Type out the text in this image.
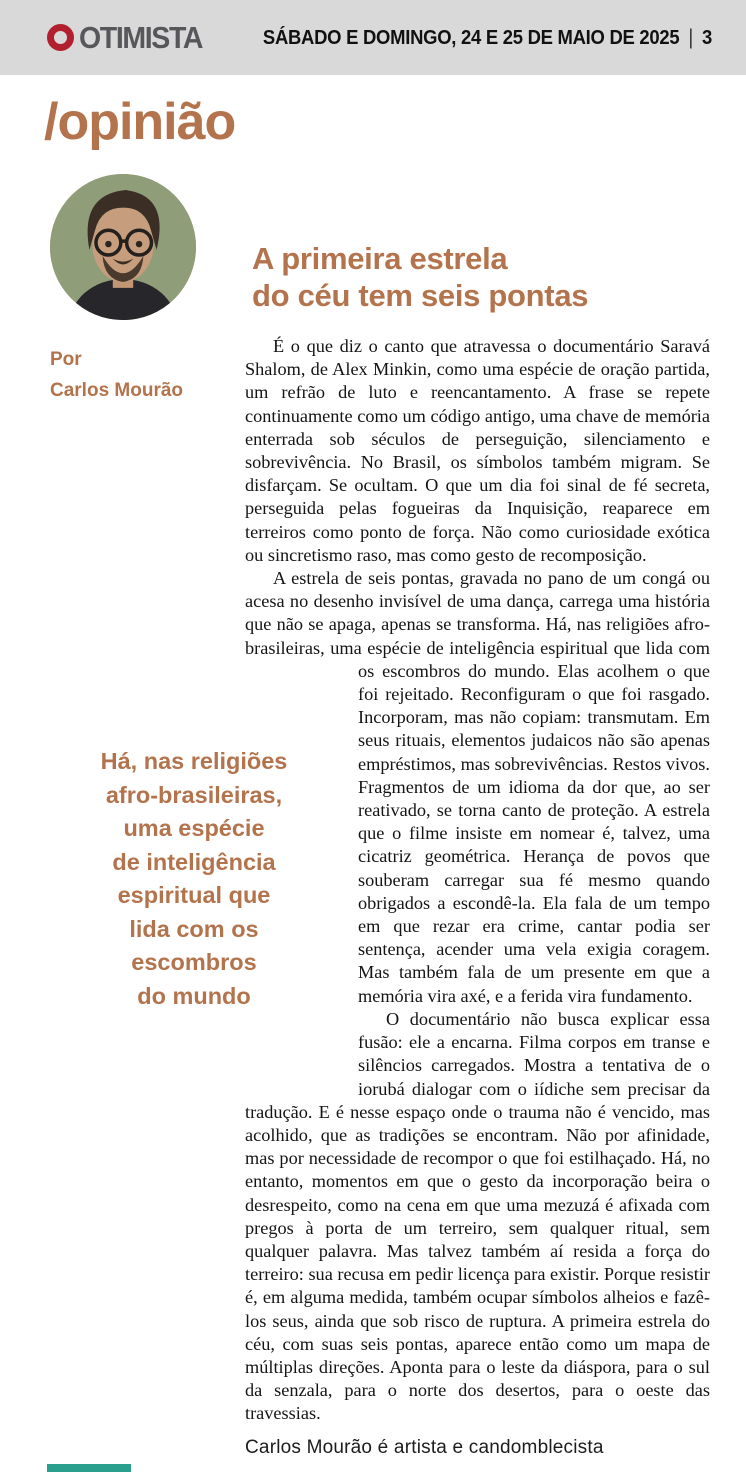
OTIMISTA	SÁBADO E DOMINGO, 24 E 25 DE MAIO DE 2025 | 3
/opinião
Por
Carlos Mourão
Há, nas religiões
afro-brasileiras,
uma espécie
de inteligência
espiritual que
lida com os
escombros
do mundo
A primeira estrela
do céu tem seis pontas

É o que diz o canto que atravessa o documentário Saravá Shalom, de Alex Minkin, como uma espécie de oração partida, um refrão de luto e reencantamento. A frase se repete continuamente como um código antigo, uma chave de memória enterrada sob séculos de perseguição, silenciamento e sobrevivência. No Brasil, os símbolos também migram. Se disfarçam. Se ocultam. O que um dia foi sinal de fé secreta, perseguida pelas fogueiras da Inquisição, reaparece em terreiros como ponto de força. Não como curiosidade exótica ou sincretismo raso, mas como gesto de recomposição.

A estrela de seis pontas, gravada no pano de um congá ou acesa no desenho invisível de uma dança, carrega uma história que não se apaga, apenas se transforma. Há, nas religiões afro-brasileiras, uma espécie de inteligência espiritual que lida com os escombros do mundo. Elas acolhem o que foi rejeitado. Reconfiguram o que foi rasgado. Incorporam, mas não copiam: transmutam. Em seus rituais, elementos judaicos não são apenas empréstimos, mas sobrevivências. Restos vivos. Fragmentos de um idioma da dor que, ao ser reativado, se torna canto de proteção. A estrela que o filme insiste em nomear é, talvez, uma cicatriz geométrica. Herança de povos que souberam carregar sua fé mesmo quando obrigados a escondê-la. Ela fala de um tempo em que rezar era crime, cantar podia ser sentença, acender uma vela exigia coragem. Mas também fala de um presente em que a memória vira axé, e a ferida vira fundamento.

O documentário não busca explicar essa fusão: ele a encarna. Filma corpos em transe e silêncios carregados. Mostra a tentativa de o iorubá dialogar com o iídiche sem precisar da tradução. E é nesse espaço onde o trauma não é vencido, mas acolhido, que as tradições se encontram. Não por afinidade, mas por necessidade de recompor o que foi estilhaçado. Há, no entanto, momentos em que o gesto da incorporação beira o desrespeito, como na cena em que uma mezuzá é afixada com pregos à porta de um terreiro, sem qualquer ritual, sem qualquer palavra. Mas talvez também aí resida a força do terreiro: sua recusa em pedir licença para existir. Porque resistir é, em alguma medida, também ocupar símbolos alheios e fazê-los seus, ainda que sob risco de ruptura. A primeira estrela do céu, com suas seis pontas, aparece então como um mapa de múltiplas direções. Aponta para o leste da diáspora, para o sul da senzala, para o norte dos desertos, para o oeste das travessias.

Carlos Mourão é artista e candomblecista
